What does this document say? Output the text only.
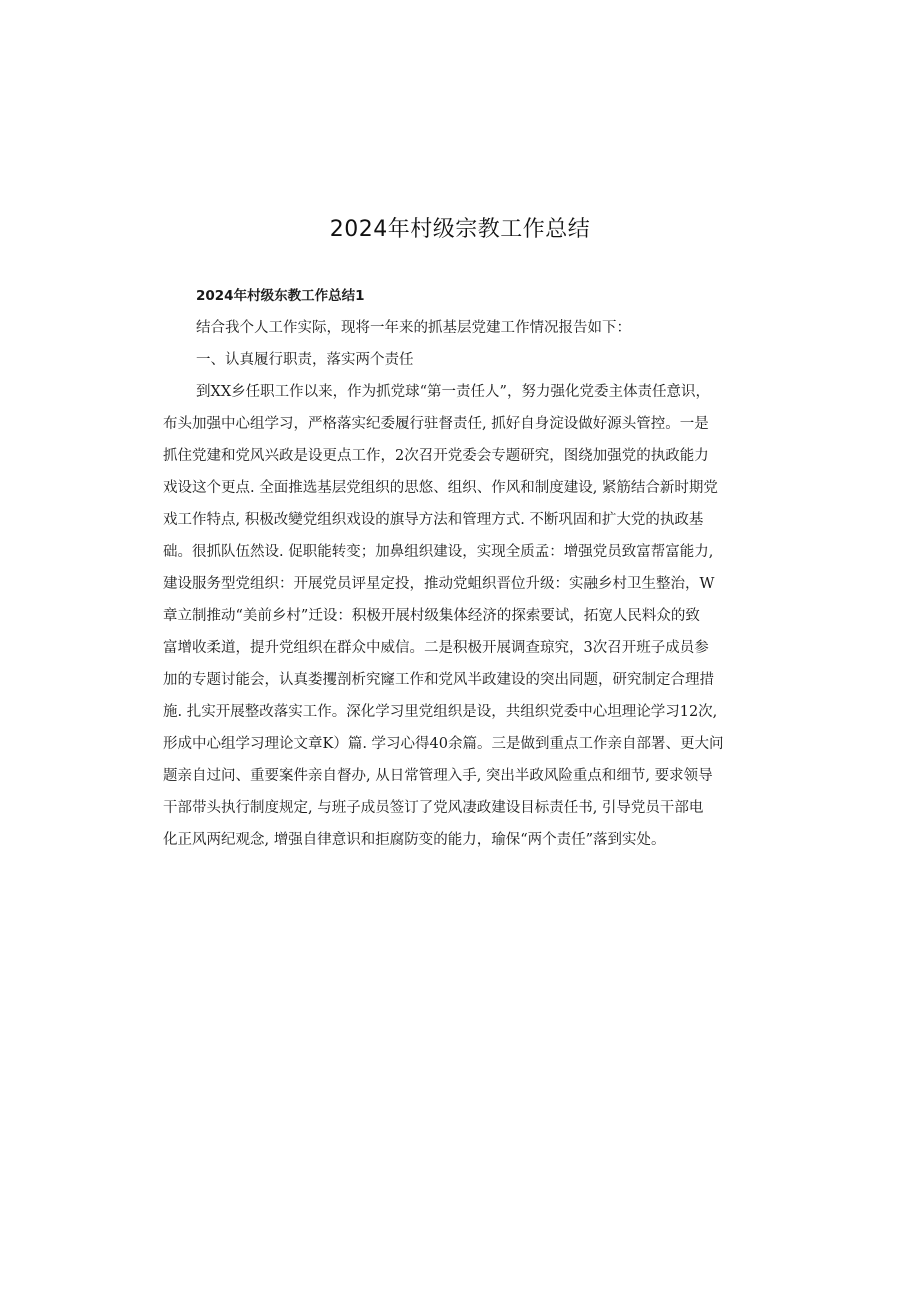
2024年村级宗教工作总结
2024年村级东教工作总结1
结合我个人工作实际，现将一年来的抓基层党建工作情况报告如下：
一、认真履行职责，落实两个责任
到XX乡任职工作以来，作为抓党球“第一责任人”，努力强化党委主体责任意识，
布头加强中心组学习，严格落实纪委履行驻督责任, 抓好自身淀设做好源头管控。一是
抓住党建和党风兴政是设更点工作，2次召开党委会专题研究，图绕加强党的执政能力
戏设这个更点. 全面推选基层党组织的思悠、组织、作风和制度建设, 紧筋结合新时期党
戏工作特点, 积极改變党组织戏设的旗导方法和管理方式. 不断巩固和扩大党的执政基
础。很抓队伍然设. 促职能转变；加鼻组织建设，实现全质孟：增强党员致富帮富能力,
建设服务型党组织：开展党员评星定投，推动党蛆织晋位升级：实融乡村卫生整治，W
章立制推动“美前乡村”迁设：积极开展村级集体经济的探索要试，拓宽人民料众的致
富增收柔道，提升党组织在群众中威信。二是积极开展调查琼究，3次召开班子成员参
加的专题讨能会，认真娄攫剖析究窿工作和党风半政建设的突出同题，研究制定合理措
施. 扎实开展整改落实工作。深化学习里党组织是设，共组织党委中心坦理论学习12次,
形成中心组学习理论文章K）篇. 学习心得40余篇。三是做到重点工作亲自部署、更大问
题亲自过问、重要案件亲自督办, 从日常管理入手, 突出半政风险重点和细节, 要求领导
干部带头执行制度规定, 与班子成员签订了党风凄政建设目标责任书, 引导党员干部电
化正风两纪观念, 增强自律意识和拒腐防变的能力，瑜保“两个责任”落到实处。
